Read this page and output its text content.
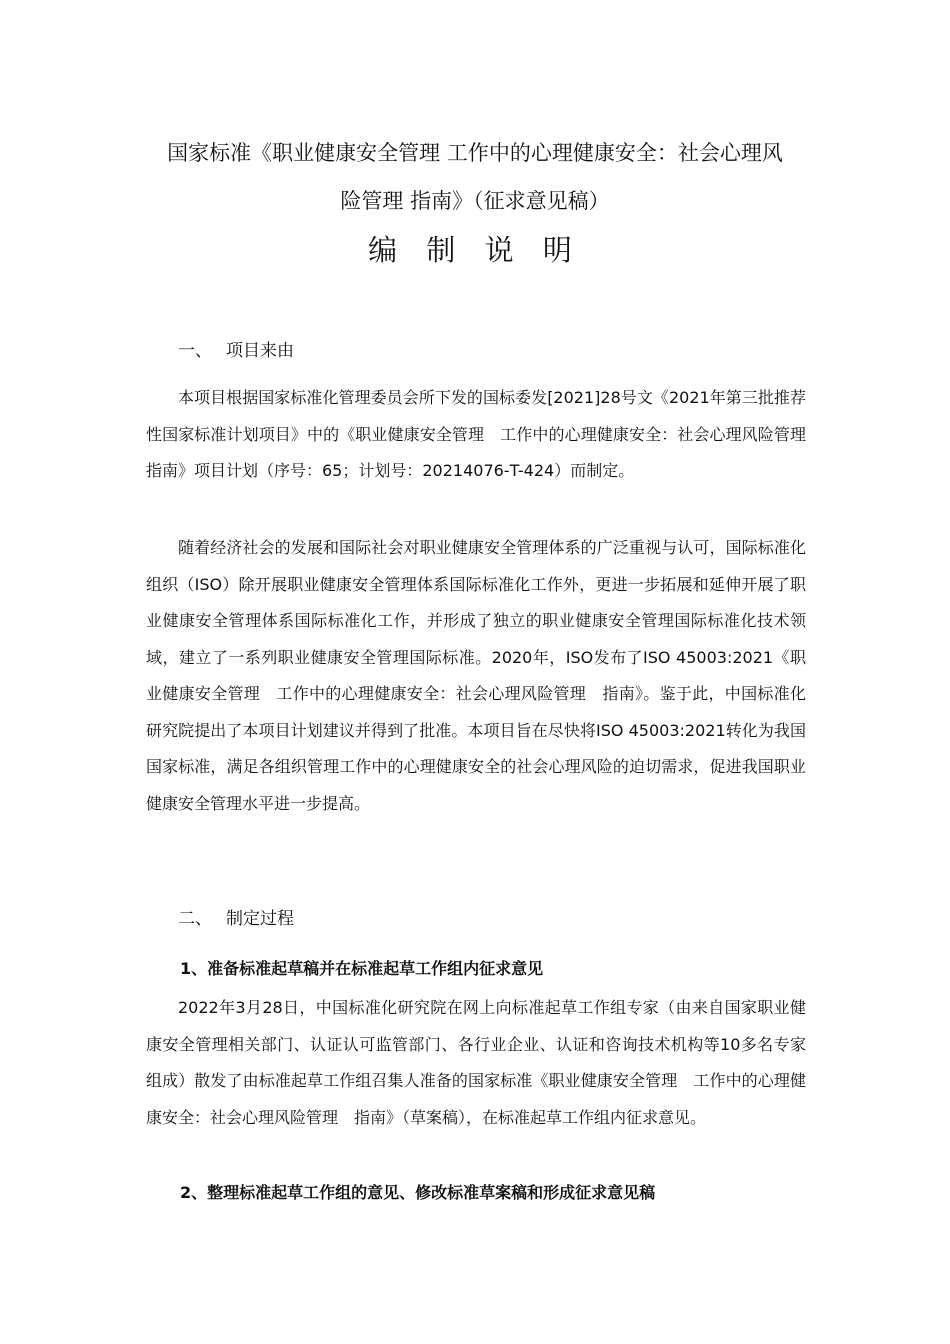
国家标准《职业健康安全管理 工作中的心理健康安全：社会心理风
险管理 指南》（征求意见稿）
编 制 说 明
一、 项目来由

本项目根据国家标准化管理委员会所下发的国标委发[2021]28号文《2021年第三批推荐性国家标准计划项目》中的《职业健康安全管理　工作中的心理健康安全：社会心理风险管理　指南》项目计划（序号：65；计划号：20214076-T-424）而制定。

随着经济社会的发展和国际社会对职业健康安全管理体系的广泛重视与认可，国际标准化组织（ISO）除开展职业健康安全管理体系国际标准化工作外，更进一步拓展和延伸开展了职业健康安全管理体系国际标准化工作，并形成了独立的职业健康安全管理国际标准化技术领域，建立了一系列职业健康安全管理国际标准。2020年，ISO发布了ISO 45003:2021《职业健康安全管理　工作中的心理健康安全：社会心理风险管理　指南》。鉴于此，中国标准化研究院提出了本项目计划建议并得到了批准。本项目旨在尽快将ISO 45003:2021转化为我国国家标准，满足各组织管理工作中的心理健康安全的社会心理风险的迫切需求，促进我国职业健康安全管理水平进一步提高。

二、 制定过程
1、准备标准起草稿并在标准起草工作组内征求意见

2022年3月28日，中国标准化研究院在网上向标准起草工作组专家（由来自国家职业健康安全管理相关部门、认证认可监管部门、各行业企业、认证和咨询技术机构等10多名专家组成）散发了由标准起草工作组召集人准备的国家标准《职业健康安全管理　工作中的心理健康安全：社会心理风险管理　指南》（草案稿），在标准起草工作组内征求意见。

2、整理标准起草工作组的意见、修改标准草案稿和形成征求意见稿
